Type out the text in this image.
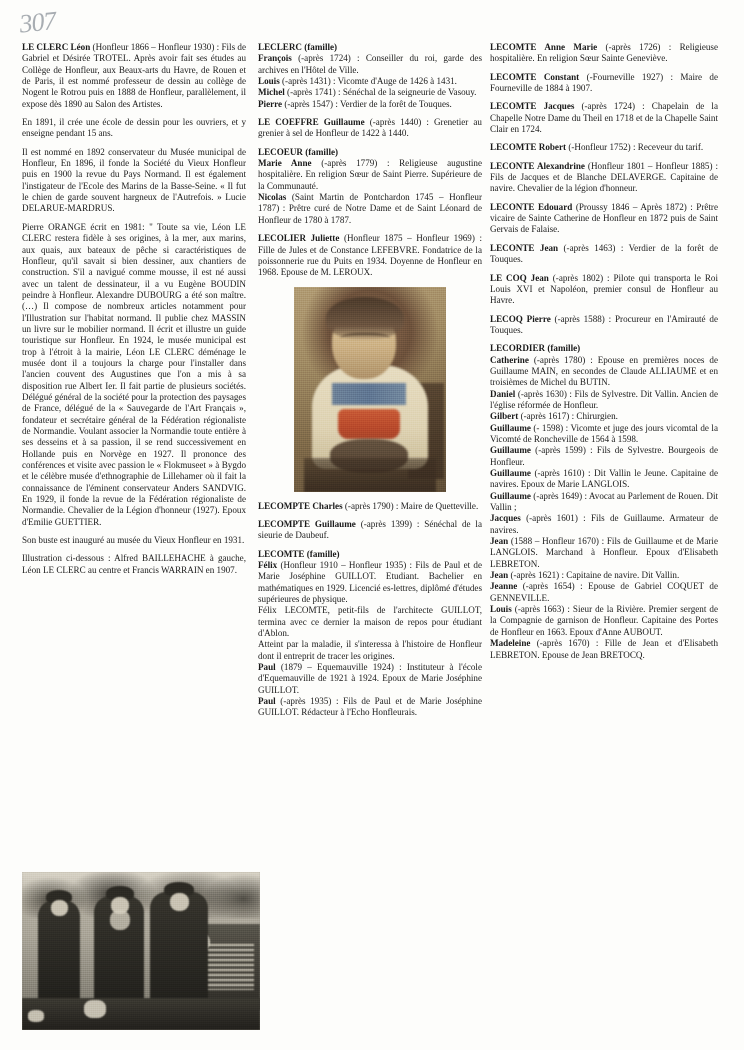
307

LE CLERC Léon (Honfleur 1866 – Honfleur 1930) : Fils de Gabriel et Désirée TROTEL. Après avoir fait ses études au Collège de Honfleur, aux Beaux-arts du Havre, de Rouen et de Paris, il est nommé professeur de dessin au collège de Nogent le Rotrou puis en 1888 de Honfleur, parallèlement, il expose dès 1890 au Salon des Artistes.

En 1891, il crée une école de dessin pour les ouvriers, et y enseigne pendant 15 ans.

Il est nommé en 1892 conservateur du Musée municipal de Honfleur, En 1896, il fonde la Société du Vieux Honfleur puis en 1900 la revue du Pays Normand. Il est également l'instigateur de l'Ecole des Marins de la Basse-Seine. « Il fut le chien de garde souvent hargneux de l'Autrefois. » Lucie DELARUE-MARDRUS.

Pierre ORANGE écrit en 1981: " Toute sa vie, Léon LE CLERC restera fidèle à ses origines, à la mer, aux marins, aux quais, aux bateaux de pêche si caractéristiques de Honfleur, qu'il savait si bien dessiner, aux chantiers de construction. S'il a navigué comme mousse, il est né aussi avec un talent de dessinateur, il a vu Eugène BOUDIN peindre à Honfleur. Alexandre DUBOURG a été son maître. (…) Il compose de nombreux articles notamment pour l'Illustration sur l'habitat normand. Il publie chez MASSIN un livre sur le mobilier normand. Il écrit et illustre un guide touristique sur Honfleur. En 1924, le musée municipal est trop à l'étroit à la mairie, Léon LE CLERC déménage le musée dont il a toujours la charge pour l'installer dans l'ancien couvent des Augustines que l'on a mis à sa disposition rue Albert Ier. Il fait partie de plusieurs sociétés. Délégué général de la société pour la protection des paysages de France, délégué de la « Sauvegarde de l'Art Français », fondateur et secrétaire général de la Fédération régionaliste de Normandie. Voulant associer la Normandie toute entière à ses desseins et à sa passion, il se rend successivement en Hollande puis en Norvège en 1927. Il prononce des conférences et visite avec passion le « Flokmuseet » à Bygdo et le célèbre musée d'ethnographie de Lillehamer où il fait la connaissance de l'éminent conservateur Anders SANDVIG. En 1929, il fonde la revue de la Fédération régionaliste de Normandie. Chevalier de la Légion d'honneur (1927). Epoux d'Emilie GUETTIER.

Son buste est inauguré au musée du Vieux Honfleur en 1931.

Illustration ci-dessous : Alfred BAILLEHACHE à gauche, Léon LE CLERC au centre et Francis WARRAIN en 1907.

LECLERC (famille)

François (-après 1724) : Conseiller du roi, garde des archives en l'Hôtel de Ville.

Louis (-après 1431) : Vicomte d'Auge de 1426 à 1431.

Michel (-après 1741) : Sénéchal de la seigneurie de Vasouy.

Pierre (-après 1547) : Verdier de la forêt de Touques.

LE COEFFRE Guillaume (-après 1440) : Grenetier au grenier à sel de Honfleur de 1422 à 1440.

LECOEUR (famille)

Marie Anne (-après 1779) : Religieuse augustine hospitalière. En religion Sœur de Saint Pierre. Supérieure de la Communauté.

Nicolas (Saint Martin de Pontchardon 1745 – Honfleur 1787) : Prêtre curé de Notre Dame et de Saint Léonard de Honfleur de 1780 à 1787.

LECOLIER Juliette (Honfleur 1875 – Honfleur 1969) : Fille de Jules et de Constance LEFEBVRE. Fondatrice de la poissonnerie rue du Puits en 1934. Doyenne de Honfleur en 1968. Epouse de M. LEROUX.

LECOMPTE Charles (-après 1790) : Maire de Quetteville.

LECOMPTE Guillaume (-après 1399) : Sénéchal de la sieurie de Daubeuf.

LECOMTE (famille)

Félix (Honfleur 1910 – Honfleur 1935) : Fils de Paul et de Marie Joséphine GUILLOT. Etudiant. Bachelier en mathématiques en 1929. Licencié es-lettres, diplômé d'études supérieures de physique.

Félix LECOMTE, petit-fils de l'architecte GUILLOT, termina avec ce dernier la maison de repos pour étudiant d'Ablon.

Atteint par la maladie, il s'interessa à l'histoire de Honfleur dont il entreprit de tracer les origines.

Paul (1879 – Equemauville 1924) : Instituteur à l'école d'Equemauville de 1921 à 1924. Epoux de Marie Joséphine GUILLOT.

Paul (-après 1935) : Fils de Paul et de Marie Joséphine GUILLOT. Rédacteur à l'Echo Honfleurais.

LECOMTE Anne Marie (-après 1726) : Religieuse hospitalière. En religion Sœur Sainte Geneviève.

LECOMTE Constant (-Fourneville 1927) : Maire de Fourneville de 1884 à 1907.

LECOMTE Jacques (-après 1724) : Chapelain de la Chapelle Notre Dame du Theil en 1718 et de la Chapelle Saint Clair en 1724.

LECOMTE Robert (-Honfleur 1752) : Receveur du tarif.

LECONTE Alexandrine (Honfleur 1801 – Honfleur 1885) : Fils de Jacques et de Blanche DELAVERGE. Capitaine de navire. Chevalier de la légion d'honneur.

LECONTE Edouard (Proussy 1846 – Après 1872) : Prêtre vicaire de Sainte Catherine de Honfleur en 1872 puis de Saint Gervais de Falaise.

LECONTE Jean (-après 1463) : Verdier de la forêt de Touques.

LE COQ Jean (-après 1802) : Pilote qui transporta le Roi Louis XVI et Napoléon, premier consul de Honfleur au Havre.

LECOQ Pierre (-après 1588) : Procureur en l'Amirauté de Touques.

LECORDIER (famille)

Catherine (-après 1780) : Epouse en premières noces de Guillaume MAIN, en secondes de Claude ALLIAUME et en troisièmes de Michel du BUTIN.

Daniel (-après 1630) : Fils de Sylvestre. Dit Vallin. Ancien de l'église réformée de Honfleur.

Gilbert (-après 1617) : Chirurgien.

Guillaume (- 1598) : Vicomte et juge des jours vicomtal de la Vicomté de Roncheville de 1564 à 1598.

Guillaume (-après 1599) : Fils de Sylvestre. Bourgeois de Honfleur.

Guillaume (-après 1610) : Dit Vallin le Jeune. Capitaine de navires. Epoux de Marie LANGLOIS.

Guillaume (-après 1649) : Avocat au Parlement de Rouen. Dit Vallin ;

Jacques (-après 1601) : Fils de Guillaume. Armateur de navires.

Jean (1588 – Honfleur 1670) : Fils de Guillaume et de Marie LANGLOIS. Marchand à Honfleur. Epoux d'Elisabeth LEBRETON.

Jean (-après 1621) : Capitaine de navire. Dit Vallin.

Jeanne (-après 1654) : Epouse de Gabriel COQUET de GENNEVILLE.

Louis (-après 1663) : Sieur de la Rivière. Premier sergent de la Compagnie de garnison de Honfleur. Capitaine des Portes de Honfleur en 1663. Epoux d'Anne AUBOUT.

Madeleine (-après 1670) : Fille de Jean et d'Elisabeth LEBRETON. Epouse de Jean BRETOCQ.
